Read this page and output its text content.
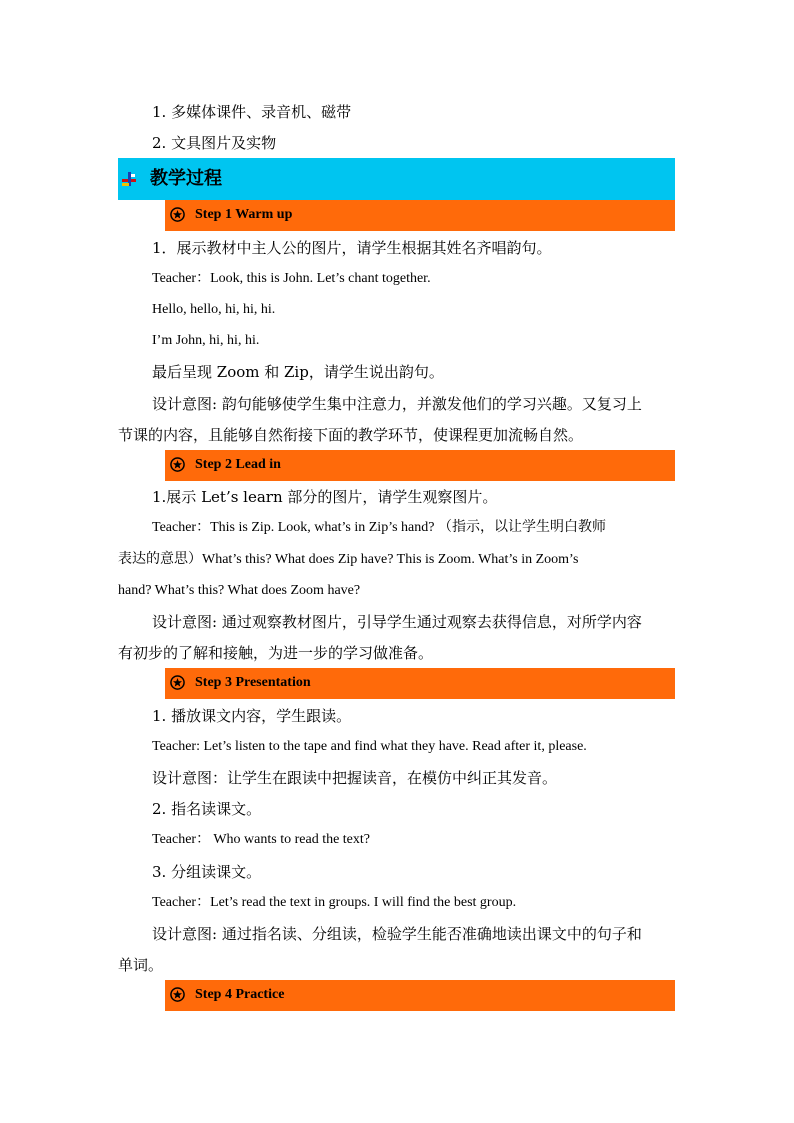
1. 多媒体课件、录音机、磁带
2. 文具图片及实物
教学过程
Step 1 Warm up
1．展示教材中主人公的图片，请学生根据其姓名齐唱韵句。
Teacher：Look, this is John. Let’s chant together.
Hello, hello, hi, hi, hi.
I’m John, hi, hi, hi.
最后呈现 Zoom 和 Zip，请学生说出韵句。
设计意图: 韵句能够使学生集中注意力，并激发他们的学习兴趣。又复习上
节课的内容，且能够自然衔接下面的教学环节，使课程更加流畅自然。
Step 2 Lead in
1.展示 Let’s learn 部分的图片，请学生观察图片。
Teacher：This is Zip. Look, what’s in Zip’s hand? （指示，以让学生明白教师
表达的意思）What’s this? What does Zip have? This is Zoom. What’s in Zoom’s
hand? What’s this? What does Zoom have?
设计意图: 通过观察教材图片，引导学生通过观察去获得信息，对所学内容
有初步的了解和接触，为进一步的学习做准备。
Step 3 Presentation
1. 播放课文内容，学生跟读。
Teacher: Let’s listen to the tape and find what they have. Read after it, please.
设计意图：让学生在跟读中把握读音，在模仿中纠正其发音。
2. 指名读课文。
Teacher： Who wants to read the text?
3. 分组读课文。
Teacher：Let’s read the text in groups. I will find the best group.
设计意图: 通过指名读、分组读，检验学生能否准确地读出课文中的句子和
单词。
Step 4 Practice
